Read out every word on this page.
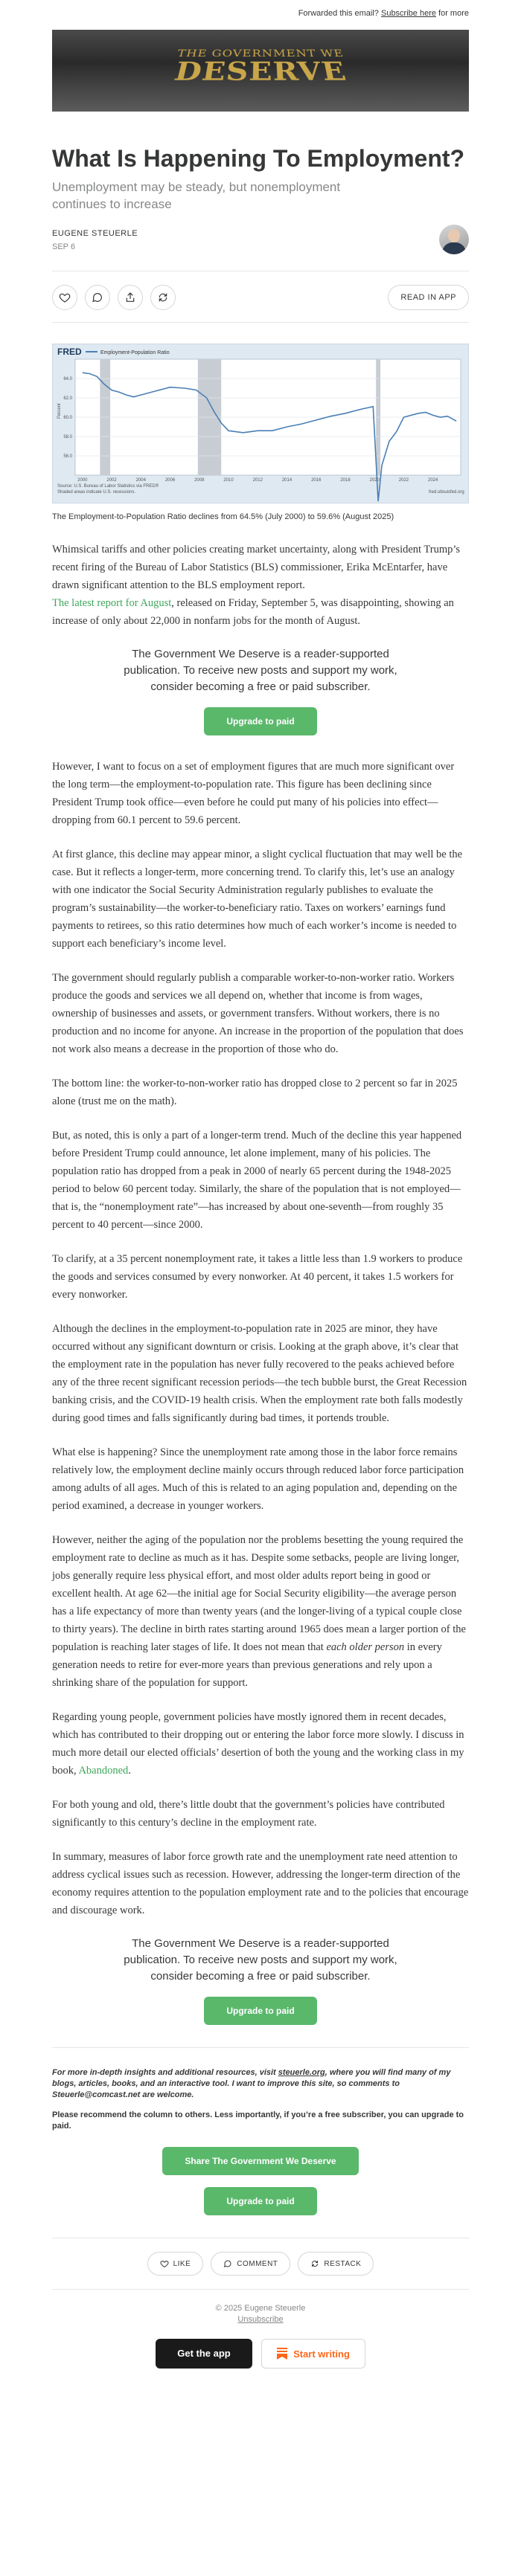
Forwarded this email? Subscribe here for more
THE GOVERNMENT WE
DESERVE
What Is Happening To Employment?
Unemployment may be steady, but nonemployment continues to increase
EUGENE STEUERLE
SEP 6
READ IN APP
FRED	Employment-Population Ratio
56.0
58.0
60.0
62.0
64.0
2000	2002	2004	2006	2008	2010	2012	2014	2016	2018	2020	2022	2024
Percent
Source: U.S. Bureau of Labor Statistics via FRED®
Shaded areas indicate U.S. recessions.	fred.stlouisfed.org
The Employment-to-Population Ratio declines from 64.5% (July 2000) to 59.6% (August 2025)

Whimsical tariffs and other policies creating market uncertainty, along with President Trump’s recent firing of the Bureau of Labor Statistics (BLS) commissioner, Erika McEntarfer, have drawn significant attention to the BLS employment report.
The latest report for August, released on Friday, September 5, was disappointing, showing an increase of only about 22,000 in nonfarm jobs for the month of August.

The Government We Deserve is a reader-supported publication. To receive new posts and support my work, consider becoming a free or paid subscriber.
Upgrade to paid

However, I want to focus on a set of employment figures that are much more significant over the long term—the employment-to-population rate. This figure has been declining since President Trump took office—even before he could put many of his policies into effect—dropping from 60.1 percent to 59.6 percent.

At first glance, this decline may appear minor, a slight cyclical fluctuation that may well be the case. But it reflects a longer-term, more concerning trend. To clarify this, let’s use an analogy with one indicator the Social Security Administration regularly publishes to evaluate the program’s sustainability—the worker-to-beneficiary ratio. Taxes on workers’ earnings fund payments to retirees, so this ratio determines how much of each worker’s income is needed to support each beneficiary’s income level.

The government should regularly publish a comparable worker-to-non-worker ratio. Workers produce the goods and services we all depend on, whether that income is from wages, ownership of businesses and assets, or government transfers. Without workers, there is no production and no income for anyone. An increase in the proportion of the population that does not work also means a decrease in the proportion of those who do.

The bottom line: the worker-to-non-worker ratio has dropped close to 2 percent so far in 2025 alone (trust me on the math).

But, as noted, this is only a part of a longer-term trend. Much of the decline this year happened before President Trump could announce, let alone implement, many of his policies. The population ratio has dropped from a peak in 2000 of nearly 65 percent during the 1948-2025 period to below 60 percent today. Similarly, the share of the population that is not employed—that is, the “nonemployment rate”—has increased by about one-seventh—from roughly 35 percent to 40 percent—since 2000.

To clarify, at a 35 percent nonemployment rate, it takes a little less than 1.9 workers to produce the goods and services consumed by every nonworker. At 40 percent, it takes 1.5 workers for every nonworker.

Although the declines in the employment-to-population rate in 2025 are minor, they have occurred without any significant downturn or crisis. Looking at the graph above, it’s clear that the employment rate in the population has never fully recovered to the peaks achieved before any of the three recent significant recession periods—the tech bubble burst, the Great Recession banking crisis, and the COVID-19 health crisis. When the employment rate both falls modestly during good times and falls significantly during bad times, it portends trouble.

What else is happening? Since the unemployment rate among those in the labor force remains relatively low, the employment decline mainly occurs through reduced labor force participation among adults of all ages. Much of this is related to an aging population and, depending on the period examined, a decrease in younger workers.

However, neither the aging of the population nor the problems besetting the young required the employment rate to decline as much as it has. Despite some setbacks, people are living longer, jobs generally require less physical effort, and most older adults report being in good or excellent health. At age 62—the initial age for Social Security eligibility—the average person has a life expectancy of more than twenty years (and the longer-living of a typical couple close to thirty years). The decline in birth rates starting around 1965 does mean a larger portion of the population is reaching later stages of life. It does not mean that each older person in every generation needs to retire for ever-more years than previous generations and rely upon a shrinking share of the population for support.

Regarding young people, government policies have mostly ignored them in recent decades, which has contributed to their dropping out or entering the labor force more slowly. I discuss in much more detail our elected officials’ desertion of both the young and the working class in my book, Abandoned.

For both young and old, there’s little doubt that the government’s policies have contributed significantly to this century’s decline in the employment rate.

In summary, measures of labor force growth rate and the unemployment rate need attention to address cyclical issues such as recession. However, addressing the longer-term direction of the economy requires attention to the population employment rate and to the policies that encourage and discourage work.

The Government We Deserve is a reader-supported publication. To receive new posts and support my work, consider becoming a free or paid subscriber.
Upgrade to paid
For more in-depth insights and additional resources, visit steuerle.org, where you will find many of my blogs, articles, books, and an interactive tool. I want to improve this site, so comments to Steuerle@comcast.net are welcome.
Please recommend the column to others. Less importantly, if you’re a free subscriber, you can upgrade to paid.
Share The Government We Deserve
Upgrade to paid
LIKE
	COMMENT
	RESTACK
© 2025 Eugene Steuerle
Unsubscribe
Get the app	Start writing
